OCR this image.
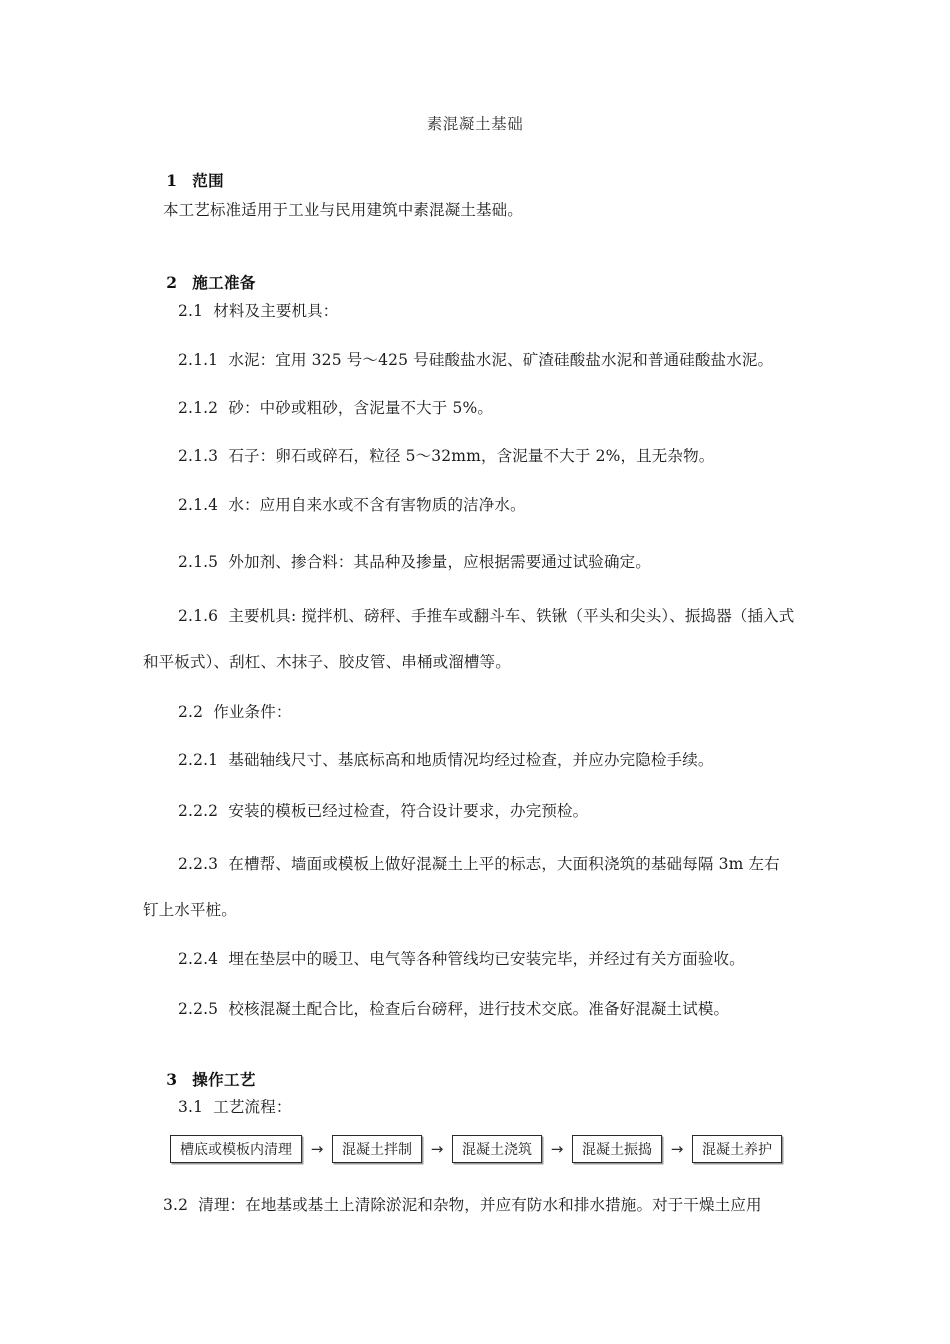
素混凝土基础

1 范围

本工艺标准适用于工业与民用建筑中素混凝土基础。

2 施工准备

2.1  材料及主要机具：
2.1.1  水泥：宜用 325 号～425 号硅酸盐水泥、矿渣硅酸盐水泥和普通硅酸盐水泥。
2.1.2  砂：中砂或粗砂，含泥量不大于 5%。
2.1.3  石子：卵石或碎石，粒径 5～32mm，含泥量不大于 2%，且无杂物。
2.1.4  水：应用自来水或不含有害物质的洁净水。
2.1.5  外加剂、掺合料：其品种及掺量，应根据需要通过试验确定。
2.1.6  主要机具: 搅拌机、磅秤、手推车或翻斗车、铁锹（平头和尖头）、振捣器（插入式
和平板式）、刮杠、木抹子、胶皮管、串桶或溜槽等。
2.2  作业条件：
2.2.1  基础轴线尺寸、基底标高和地质情况均经过检查，并应办完隐检手续。
2.2.2  安装的模板已经过检查，符合设计要求，办完预检。
2.2.3  在槽帮、墙面或模板上做好混凝土上平的标志，大面积浇筑的基础每隔 3m 左右
钉上水平桩。
2.2.4  埋在垫层中的暖卫、电气等各种管线均已安装完毕，并经过有关方面验收。
2.2.5  校核混凝土配合比，检查后台磅秤，进行技术交底。准备好混凝土试模。

3 操作工艺

3.1  工艺流程：
槽底或模板内清理	→	混凝土拌制	→	混凝土浇筑	→	混凝土振捣	→	混凝土养护
3.2  清理：在地基或基土上清除淤泥和杂物，并应有防水和排水措施。对于干燥土应用
